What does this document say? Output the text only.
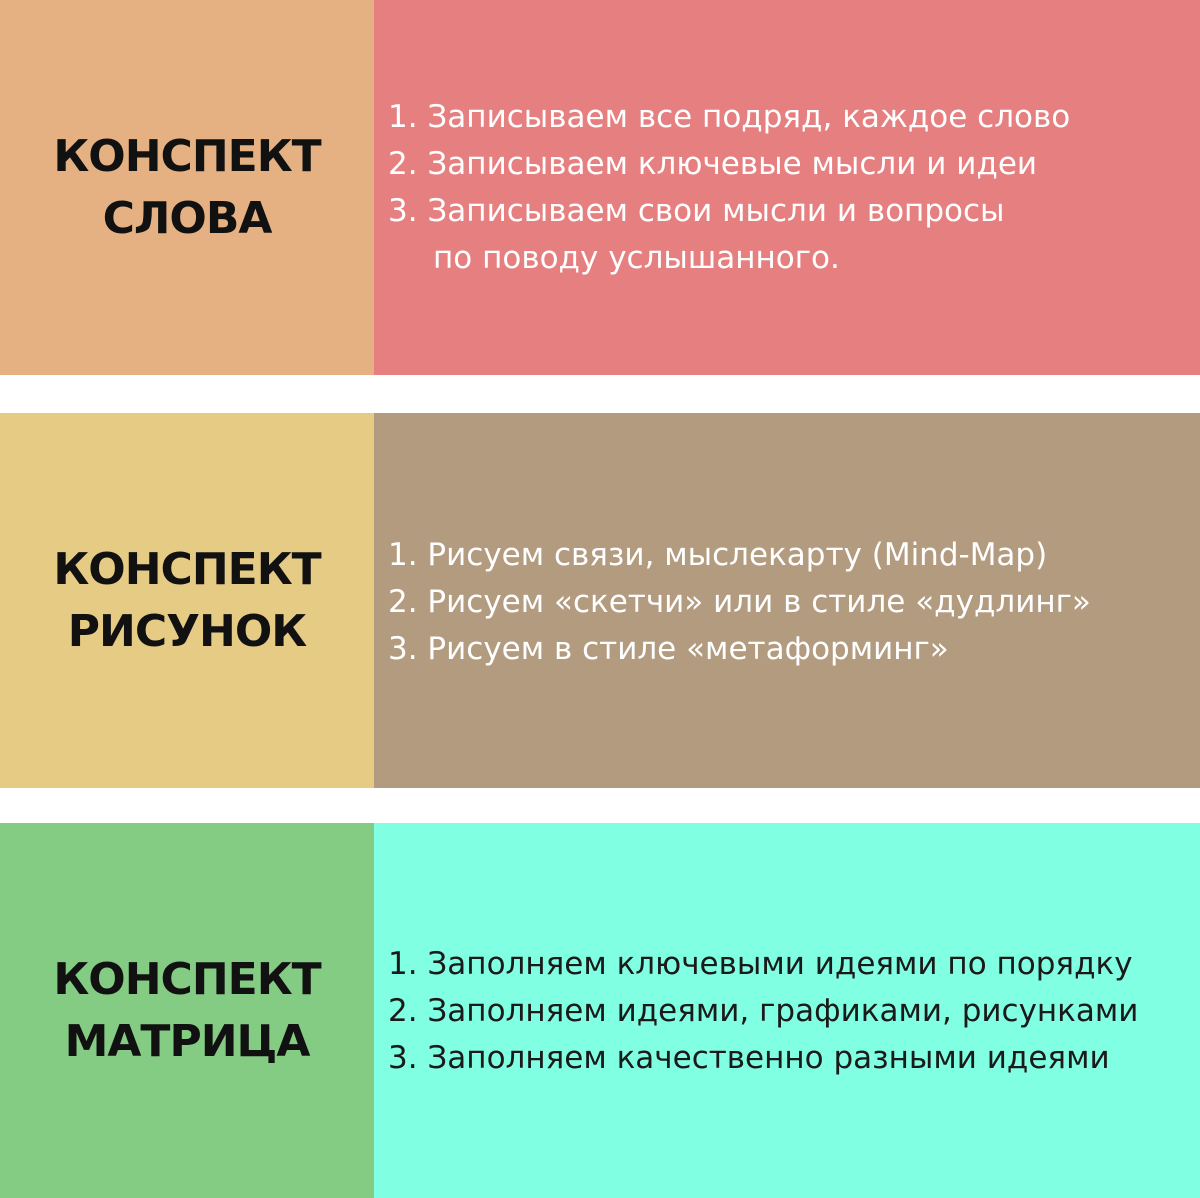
КОНСПЕКТ
СЛОВА
1. Записываем все подряд, каждое слово
2. Записываем ключевые мысли и идеи
3. Записываем свои мысли и вопросы
по поводу услышанного.
КОНСПЕКТ
РИСУНОК
1. Рисуем связи, мыслекарту (Mind-Map)
2. Рисуем «скетчи» или в стиле «дудлинг»
3. Рисуем в стиле «метаформинг»
КОНСПЕКТ
МАТРИЦА
1. Заполняем ключевыми идеями по порядку
2. Заполняем идеями, графиками, рисунками
3. Заполняем качественно разными идеями
